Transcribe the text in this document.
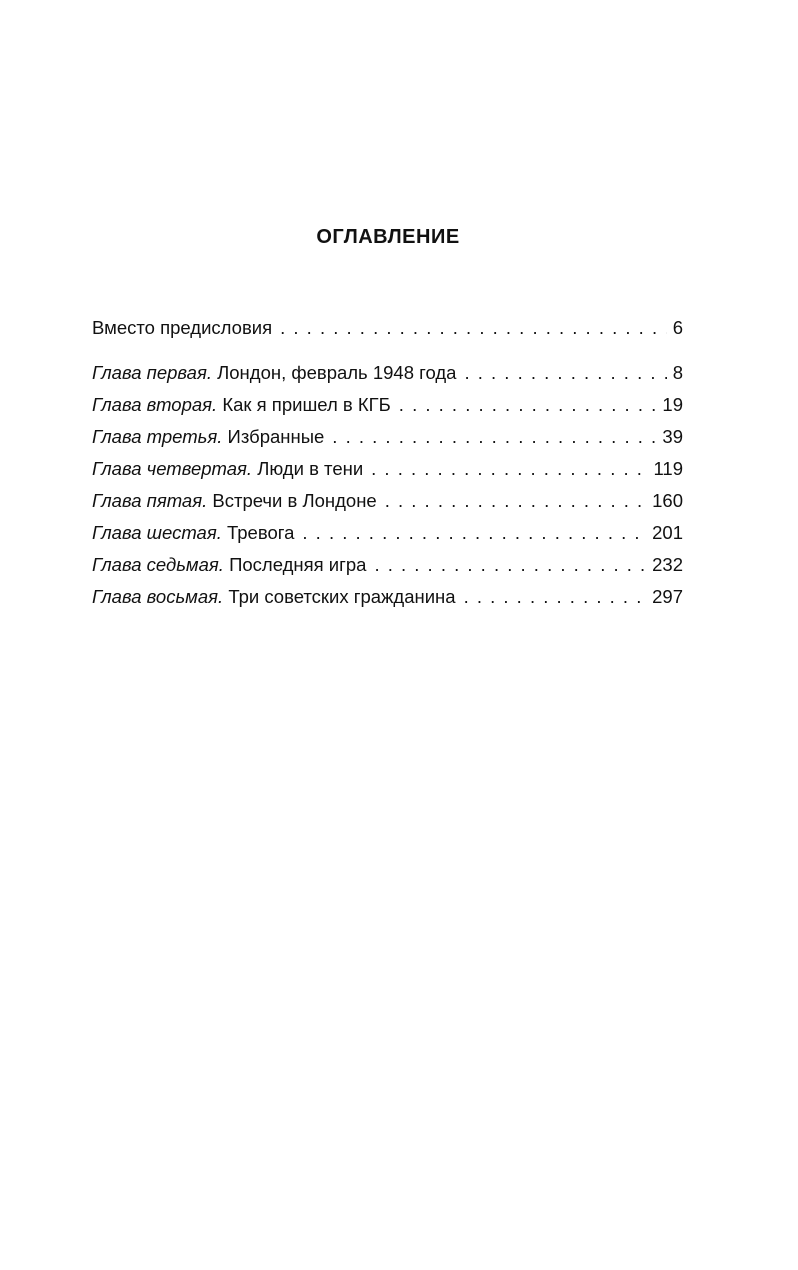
ОГЛАВЛЕНИЕ
Вместо предисловия . . .	6
Глава первая.
Лондон, февраль 1948 года . . .	8
Глава вторая.
Как я пришел в КГБ . . .	19
Глава третья.
Избранные . . .	39
Глава четвертая.
Люди в тени . . .	119
Глава пятая.
Встречи в Лондоне . . .	160
Глава шестая.
Тревога . . .	201
Глава седьмая.
Последняя игра . . .	232
Глава восьмая.
Три советских гражданина . . .	297
